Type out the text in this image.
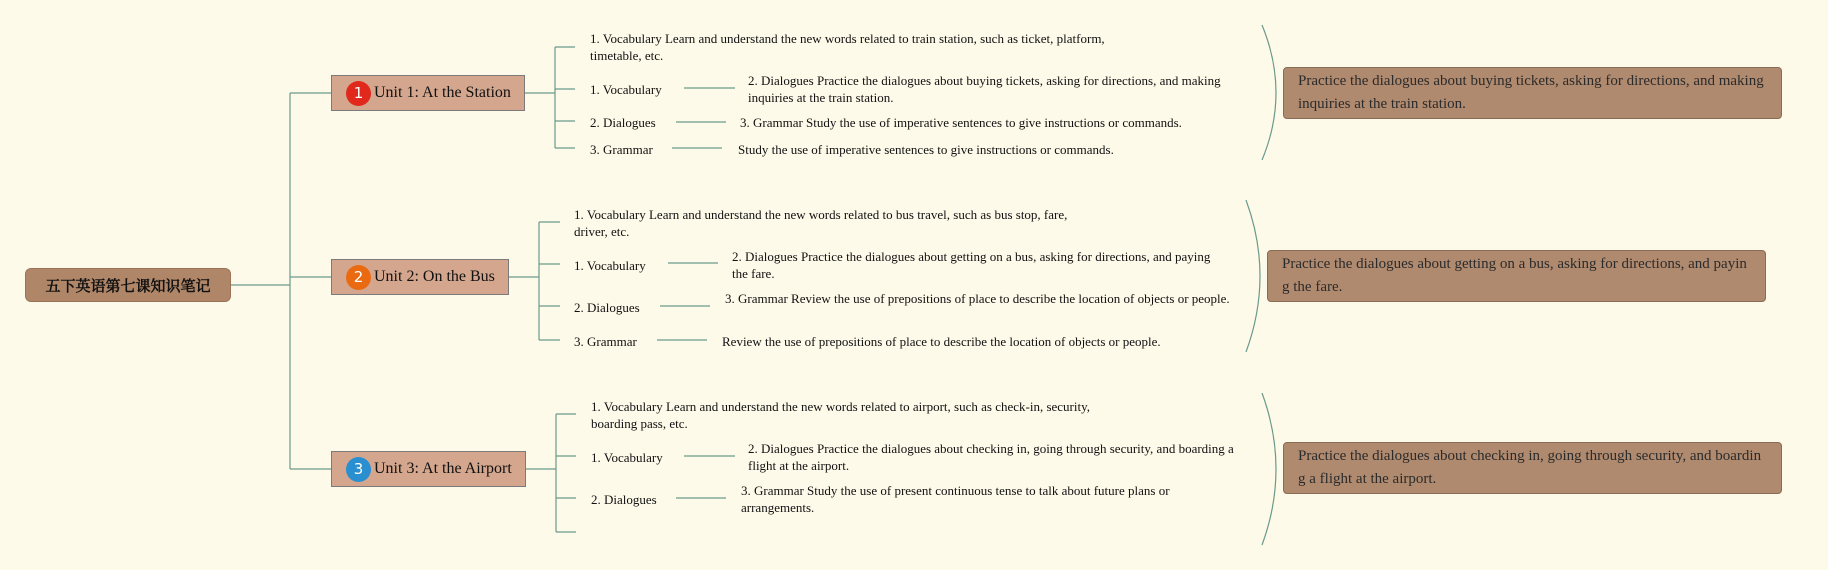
五下英语第七课知识笔记
1 Unit 1: At the Station
1. Vocabulary Learn and understand the new words related to train station, such as ticket, platform, timetable, etc.
1. Vocabulary
2. Dialogues
3. Grammar
2. Dialogues Practice the dialogues about buying tickets, asking for directions, and making inquiries at the train station.
3. Grammar Study the use of imperative sentences to give instructions or commands.
Study the use of imperative sentences to give instructions or commands.
Practice the dialogues about buying tickets, asking for directions, and making inquiries at the train station.
2 Unit 2: On the Bus
1. Vocabulary Learn and understand the new words related to bus travel, such as bus stop, fare, driver, etc.
1. Vocabulary
2. Dialogues
3. Grammar
2. Dialogues Practice the dialogues about getting on a bus, asking for directions, and paying the fare.
3. Grammar Review the use of prepositions of place to describe the location of objects or people.
Review the use of prepositions of place to describe the location of objects or people.
Practice the dialogues about getting on a bus, asking for directions, and paying the fare.
3 Unit 3: At the Airport
1. Vocabulary Learn and understand the new words related to airport, such as check-in, security, boarding pass, etc.
1. Vocabulary
2. Dialogues
2. Dialogues Practice the dialogues about checking in, going through security, and boarding a flight at the airport.
3. Grammar Study the use of present continuous tense to talk about future plans or arrangements.
Practice the dialogues about checking in, going through security, and boarding a flight at the airport.
